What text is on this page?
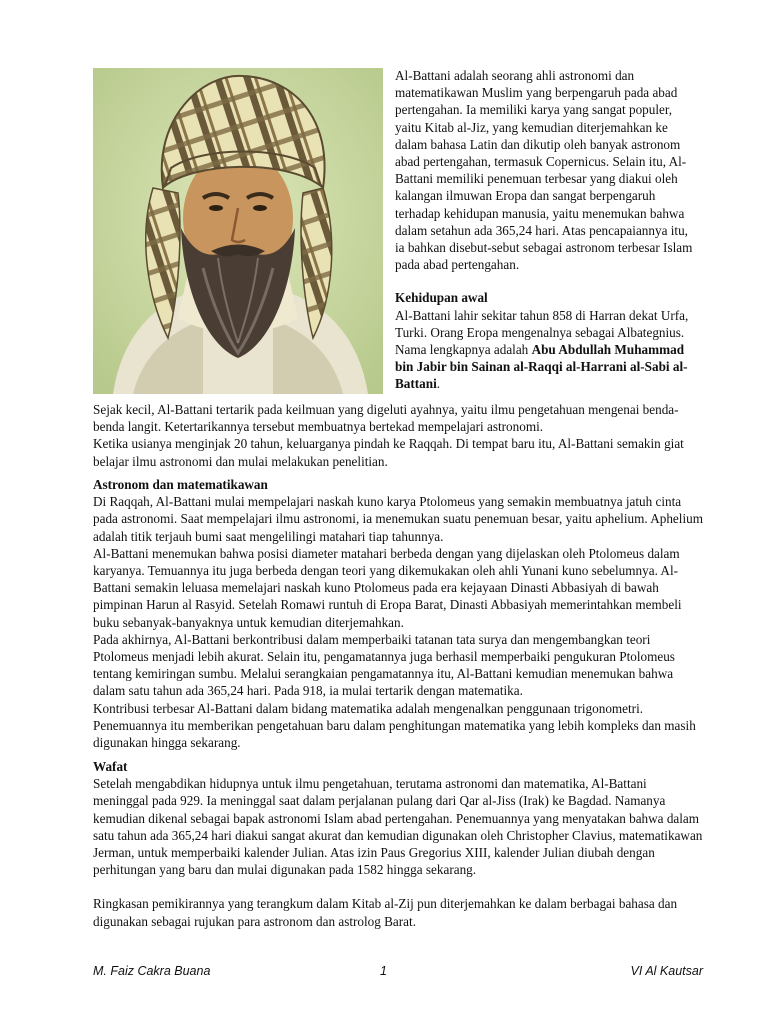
Al-Battani adalah seorang ahli astronomi dan matematikawan Muslim yang berpengaruh pada abad pertengahan. Ia memiliki karya yang sangat populer, yaitu Kitab al-Jiz, yang kemudian diterjemahkan ke dalam bahasa Latin dan dikutip oleh banyak astronom abad pertengahan, termasuk Copernicus. Selain itu, Al-Battani memiliki penemuan terbesar yang diakui oleh kalangan ilmuwan Eropa dan sangat berpengaruh terhadap kehidupan manusia, yaitu menemukan bahwa dalam setahun ada 365,24 hari. Atas pencapaiannya itu, ia bahkan disebut-sebut sebagai astronom terbesar Islam pada abad pertengahan.

Kehidupan awal

Al-Battani lahir sekitar tahun 858 di Harran dekat Urfa, Turki. Orang Eropa mengenalnya sebagai Albategnius. Nama lengkapnya adalah Abu Abdullah Muhammad bin Jabir bin Sainan al-Raqqi al-Harrani al-Sabi al-Battani.

Sejak kecil, Al-Battani tertarik pada keilmuan yang digeluti ayahnya, yaitu ilmu pengetahuan mengenai benda-benda langit. Ketertarikannya tersebut membuatnya bertekad mempelajari astronomi.

Ketika usianya menginjak 20 tahun, keluarganya pindah ke Raqqah. Di tempat baru itu, Al-Battani semakin giat belajar ilmu astronomi dan mulai melakukan penelitian.

Astronom dan matematikawan

Di Raqqah, Al-Battani mulai mempelajari naskah kuno karya Ptolomeus yang semakin membuatnya jatuh cinta pada astronomi. Saat mempelajari ilmu astronomi, ia menemukan suatu penemuan besar, yaitu aphelium. Aphelium adalah titik terjauh bumi saat mengelilingi matahari tiap tahunnya.

Al-Battani menemukan bahwa posisi diameter matahari berbeda dengan yang dijelaskan oleh Ptolomeus dalam karyanya. Temuannya itu juga berbeda dengan teori yang dikemukakan oleh ahli Yunani kuno sebelumnya. Al-Battani semakin leluasa memelajari naskah kuno Ptolomeus pada era kejayaan Dinasti Abbasiyah di bawah pimpinan Harun al Rasyid. Setelah Romawi runtuh di Eropa Barat, Dinasti Abbasiyah memerintahkan membeli buku sebanyak-banyaknya untuk kemudian diterjemahkan.

Pada akhirnya, Al-Battani berkontribusi dalam memperbaiki tatanan tata surya dan mengembangkan teori Ptolomeus menjadi lebih akurat. Selain itu, pengamatannya juga berhasil memperbaiki pengukuran Ptolomeus tentang kemiringan sumbu. Melalui serangkaian pengamatannya itu, Al-Battani kemudian menemukan bahwa dalam satu tahun ada 365,24 hari. Pada 918, ia mulai tertarik dengan matematika.

Kontribusi terbesar Al-Battani dalam bidang matematika adalah mengenalkan penggunaan trigonometri. Penemuannya itu memberikan pengetahuan baru dalam penghitungan matematika yang lebih kompleks dan masih digunakan hingga sekarang.

Wafat

Setelah mengabdikan hidupnya untuk ilmu pengetahuan, terutama astronomi dan matematika, Al-Battani meninggal pada 929. Ia meninggal saat dalam perjalanan pulang dari Qar al-Jiss (Irak) ke Bagdad. Namanya kemudian dikenal sebagai bapak astronomi Islam abad pertengahan. Penemuannya yang menyatakan bahwa dalam satu tahun ada 365,24 hari diakui sangat akurat dan kemudian digunakan oleh Christopher Clavius, matematikawan Jerman, untuk memperbaiki kalender Julian. Atas izin Paus Gregorius XIII, kalender Julian diubah dengan perhitungan yang baru dan mulai digunakan pada 1582 hingga sekarang.

Ringkasan pemikirannya yang terangkum dalam Kitab al-Zij pun diterjemahkan ke dalam berbagai bahasa dan digunakan sebagai rujukan para astronom dan astrolog Barat.

M. Faiz Cakra Buana	1	VI Al Kautsar
